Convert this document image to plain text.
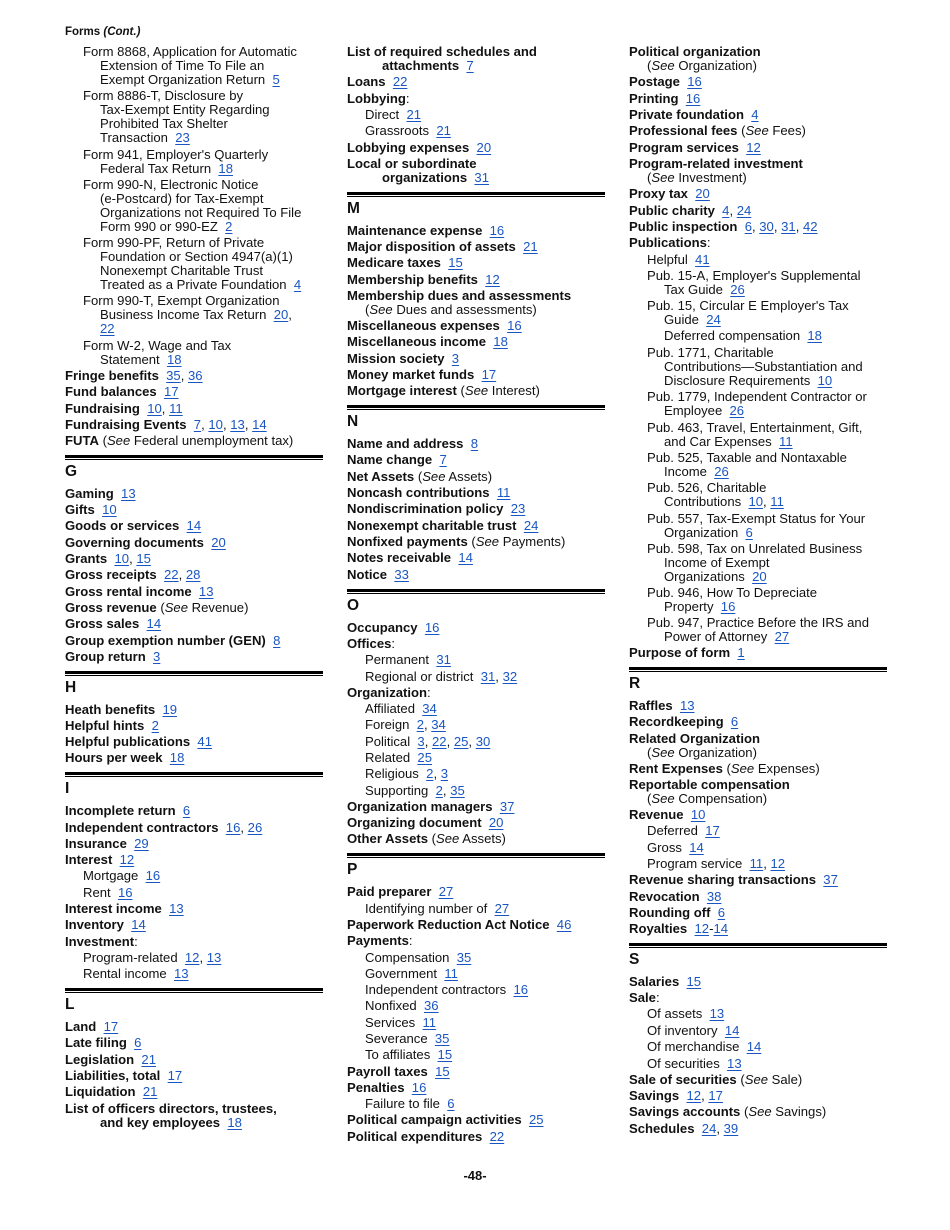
Forms (Cont.)
Form 8868, Application for Automatic
Extension of Time To File an
Exempt Organization Return 5
Form 8886-T, Disclosure by
Tax-Exempt Entity Regarding
Prohibited Tax Shelter
Transaction 23
Form 941, Employer's Quarterly
Federal Tax Return 18
Form 990-N, Electronic Notice
(e-Postcard) for Tax-Exempt
Organizations not Required To File
Form 990 or 990-EZ 2
Form 990-PF, Return of Private
Foundation or Section 4947(a)(1)
Nonexempt Charitable Trust
Treated as a Private Foundation 4
Form 990-T, Exempt Organization
Business Income Tax Return 20,
22
Form W-2, Wage and Tax
Statement 18
Fringe benefits 35, 36
Fund balances 17
Fundraising 10, 11
Fundraising Events 7, 10, 13, 14
FUTA (See Federal unemployment tax)
G
Gaming 13
Gifts 10
Goods or services 14
Governing documents 20
Grants 10, 15
Gross receipts 22, 28
Gross rental income 13
Gross revenue (See Revenue)
Gross sales 14
Group exemption number (GEN) 8
Group return 3
H
Heath benefits 19
Helpful hints 2
Helpful publications 41
Hours per week 18
I
Incomplete return 6
Independent contractors 16, 26
Insurance 29
Interest 12
Mortgage 16
Rent 16
Interest income 13
Inventory 14
Investment:
Program-related 12, 13
Rental income 13
L
Land 17
Late filing 6
Legislation 21
Liabilities, total 17
Liquidation 21
List of officers directors, trustees,
and key employees 18
List of required schedules and
attachments 7
Loans 22
Lobbying:
Direct 21
Grassroots 21
Lobbying expenses 20
Local or subordinate
organizations 31
M
Maintenance expense 16
Major disposition of assets 21
Medicare taxes 15
Membership benefits 12
Membership dues and assessments
(See Dues and assessments)
Miscellaneous expenses 16
Miscellaneous income 18
Mission society 3
Money market funds 17
Mortgage interest (See Interest)
N
Name and address 8
Name change 7
Net Assets (See Assets)
Noncash contributions 11
Nondiscrimination policy 23
Nonexempt charitable trust 24
Nonfixed payments (See Payments)
Notes receivable 14
Notice 33
O
Occupancy 16
Offices:
Permanent 31
Regional or district 31, 32
Organization:
Affiliated 34
Foreign 2, 34
Political 3, 22, 25, 30
Related 25
Religious 2, 3
Supporting 2, 35
Organization managers 37
Organizing document 20
Other Assets (See Assets)
P
Paid preparer 27
Identifying number of 27
Paperwork Reduction Act Notice 46
Payments:
Compensation 35
Government 11
Independent contractors 16
Nonfixed 36
Services 11
Severance 35
To affiliates 15
Payroll taxes 15
Penalties 16
Failure to file 6
Political campaign activities 25
Political expenditures 22
Political organization
(See Organization)
Postage 16
Printing 16
Private foundation 4
Professional fees (See Fees)
Program services 12
Program-related investment
(See Investment)
Proxy tax 20
Public charity 4, 24
Public inspection 6, 30, 31, 42
Publications:
Helpful 41
Pub. 15-A, Employer's Supplemental
Tax Guide 26
Pub. 15, Circular E Employer's Tax
Guide 24
Deferred compensation 18
Pub. 1771, Charitable
Contributions—Substantiation and
Disclosure Requirements 10
Pub. 1779, Independent Contractor or
Employee 26
Pub. 463, Travel, Entertainment, Gift,
and Car Expenses 11
Pub. 525, Taxable and Nontaxable
Income 26
Pub. 526, Charitable
Contributions 10, 11
Pub. 557, Tax-Exempt Status for Your
Organization 6
Pub. 598, Tax on Unrelated Business
Income of Exempt
Organizations 20
Pub. 946, How To Depreciate
Property 16
Pub. 947, Practice Before the IRS and
Power of Attorney 27
Purpose of form 1
R
Raffles 13
Recordkeeping 6
Related Organization
(See Organization)
Rent Expenses (See Expenses)
Reportable compensation
(See Compensation)
Revenue 10
Deferred 17
Gross 14
Program service 11, 12
Revenue sharing transactions 37
Revocation 38
Rounding off 6
Royalties 12-14
S
Salaries 15
Sale:
Of assets 13
Of inventory 14
Of merchandise 14
Of securities 13
Sale of securities (See Sale)
Savings 12, 17
Savings accounts (See Savings)
Schedules 24, 39
-48-
